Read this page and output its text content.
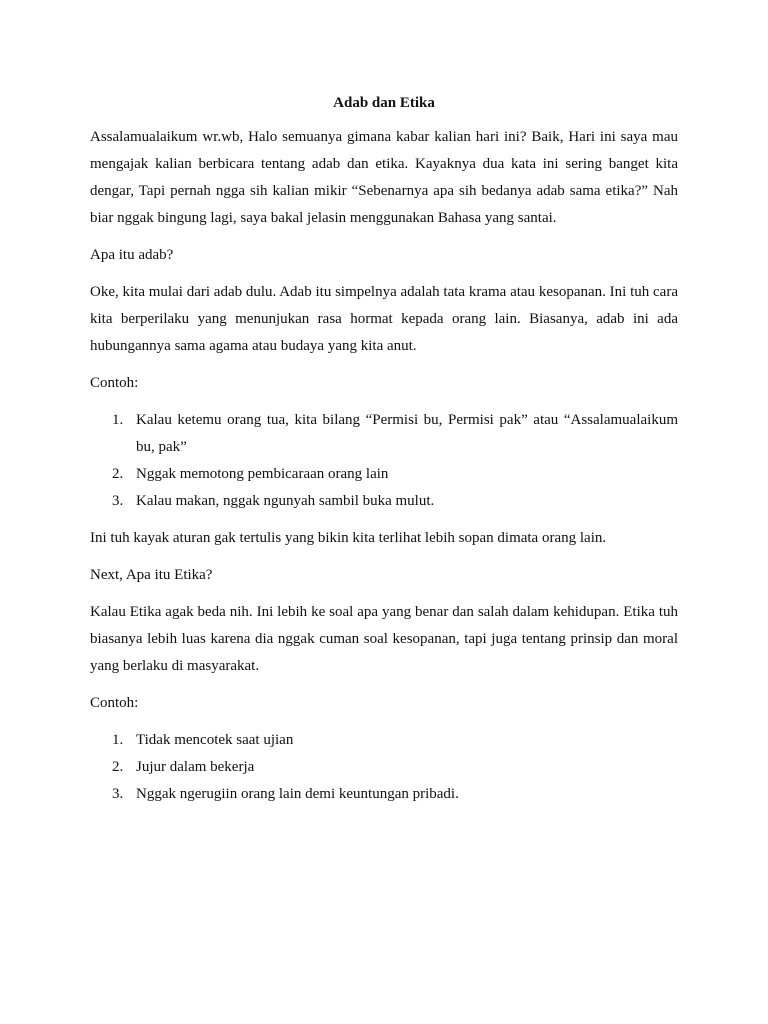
Adab dan Etika

Assalamualaikum wr.wb, Halo semuanya gimana kabar kalian hari ini? Baik, Hari ini saya mau mengajak kalian berbicara tentang adab dan etika. Kayaknya dua kata ini sering banget kita dengar, Tapi pernah ngga sih kalian mikir “Sebenarnya apa sih bedanya adab sama etika?” Nah biar nggak bingung lagi, saya bakal jelasin menggunakan Bahasa yang santai.

Apa itu adab?

Oke, kita mulai dari adab dulu. Adab itu simpelnya adalah tata krama atau kesopanan. Ini tuh cara kita berperilaku yang menunjukan rasa hormat kepada orang lain. Biasanya, adab ini ada hubungannya sama agama atau budaya yang kita anut.

Contoh:

1. Kalau ketemu orang tua, kita bilang “Permisi bu, Permisi pak” atau “Assalamualaikum bu, pak”
2. Nggak memotong pembicaraan orang lain
3. Kalau makan, nggak ngunyah sambil buka mulut.

Ini tuh kayak aturan gak tertulis yang bikin kita terlihat lebih sopan dimata orang lain.

Next, Apa itu Etika?

Kalau Etika agak beda nih. Ini lebih ke soal apa yang benar dan salah dalam kehidupan. Etika tuh biasanya lebih luas karena dia nggak cuman soal kesopanan, tapi juga tentang prinsip dan moral yang berlaku di masyarakat.

Contoh:

1. Tidak mencotek saat ujian
2. Jujur dalam bekerja
3. Nggak ngerugiin orang lain demi keuntungan pribadi.
